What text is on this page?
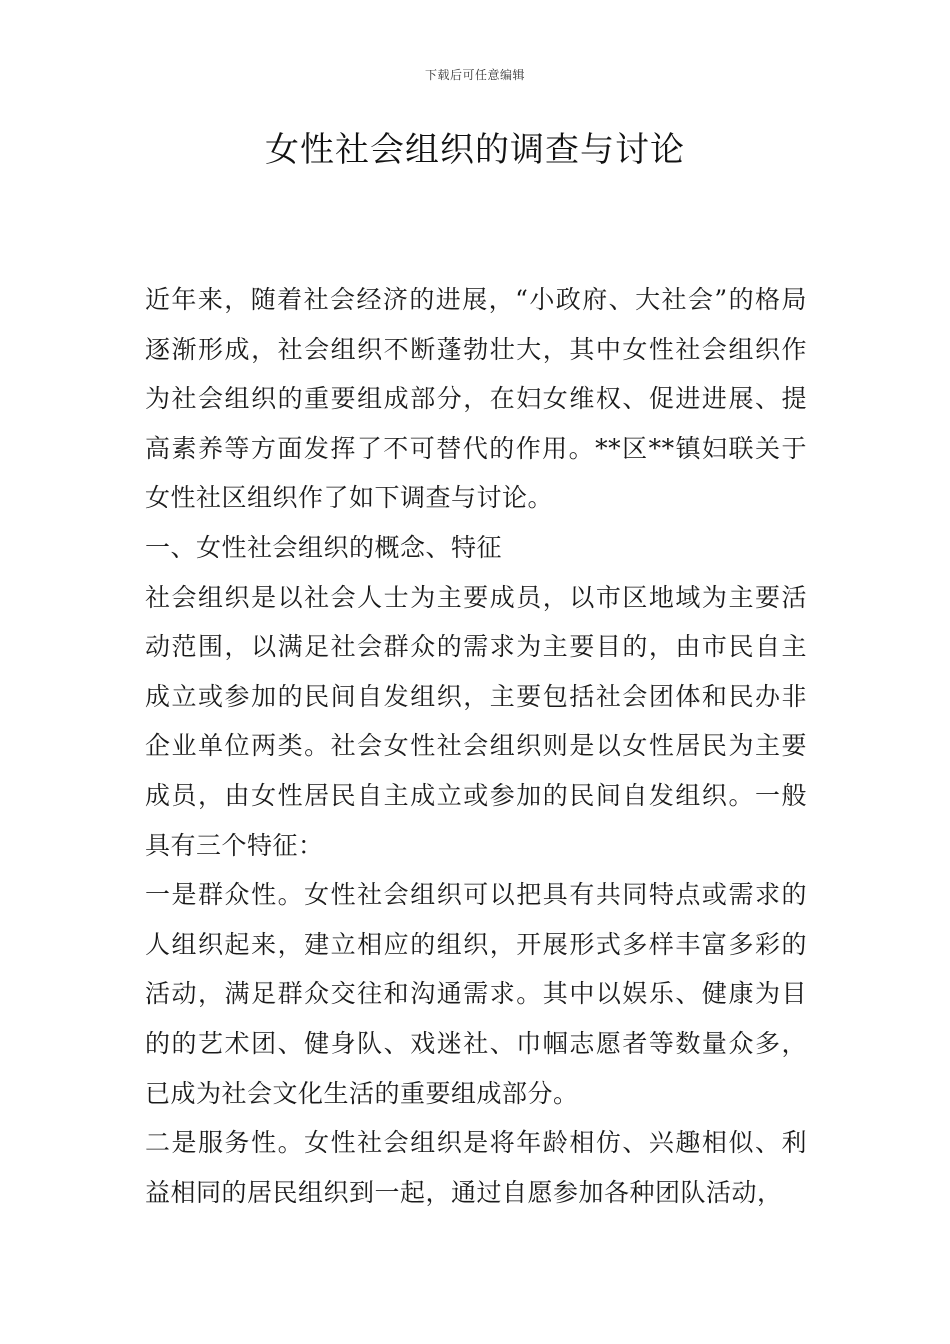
下载后可任意编辑
女性社会组织的调查与讨论

近年来，随着社会经济的进展，“小政府、大社会”的格局逐渐形成，社会组织不断蓬勃壮大，其中女性社会组织作为社会组织的重要组成部分，在妇女维权、促进进展、提高素养等方面发挥了不可替代的作用。**区**镇妇联关于女性社区组织作了如下调查与讨论。

一、女性社会组织的概念、特征

社会组织是以社会人士为主要成员，以市区地域为主要活动范围，以满足社会群众的需求为主要目的，由市民自主成立或参加的民间自发组织，主要包括社会团体和民办非企业单位两类。社会女性社会组织则是以女性居民为主要成员，由女性居民自主成立或参加的民间自发组织。一般具有三个特征：

一是群众性。女性社会组织可以把具有共同特点或需求的人组织起来，建立相应的组织，开展形式多样丰富多彩的活动，满足群众交往和沟通需求。其中以娱乐、健康为目的的艺术团、健身队、戏迷社、巾帼志愿者等数量众多，已成为社会文化生活的重要组成部分。

二是服务性。女性社会组织是将年龄相仿、兴趣相似、利益相同的居民组织到一起，通过自愿参加各种团队活动，
